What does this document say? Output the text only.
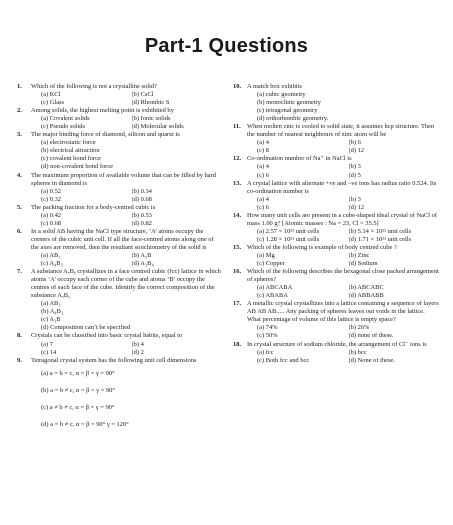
Part-1 Questions
1. Which of the following is not a crystalline solid?
(a) KCl	(b) CsCl
(c) Glass	(d) Rhombic S
2. Among solids, the highest melting point is exhibited by
(a) Covalent solids	(b) Ionic solids
(c) Pseudo solids	(d) Molecular solids
3. The major binding force of diamond, silicon and quartz is
(a) electrostatic force
(b) electrical attraction
(c) covalent bond force
(d) non-covalent bond force
4. The maximum proportion of available volume that can be filled by hard spheres in diamond is
(a) 0.52	(b) 0.34
(c) 0.32	(d) 0.68
5. The packing fraction for a body-centred cubic is
(a) 0.42	(b) 0.53
(c) 0.68	(d) 0.82
6. In a solid AB having the NaCl type structure, ‘A’ atoms occupy the corners of the cubic unit cell. If all the face-centred atoms along one of the axes are removed, then the resultant stoichiometry of the solid is
(a) AB₂	(b) A₂B
(c) A₄B₃	(d) A₃B₄
7. A substance AₓBᵧ crystallizes in a face centred cubic (fcc) lattice in which atoms ‘A’ occupy each corner of the cube and atoms ‘B’ occupy the centres of each face of the cube. Identify the correct composition of the substance AₓBᵧ
(a) AB₃
(b) A₄B₃
(c) A₃B
(d) Composition can’t be specified
8. Crystals can be classified into basic crystal habits, equal to
(a) 7	(b) 4
(c) 14	(d) 2
9. Tetragonal crystal system has the following unit cell dimensions
(a) a = b = c, α = β = γ = 90°
(b) a = b ≠ c, α = β = γ = 90°
(c) a ≠ b ≠ c, α = β = γ = 90°
(d) a = b ≠ c, α = β = 90° γ = 120°
10. A match box exhibits
(a) cubic geometry
(b) monoclinic geometry
(c) tetragonal geometry
(d) orthorhombic geometry.
11. When molten zinc is cooled to solid state, it assumes hcp structure. Then the number of nearest neighbours of zinc atom will be
(a) 4	(b) 6
(c) 8	(d) 12
12. Co-ordination number of Na⁺ in NaCl is
(a) 4	(b) 3
(c) 6	(d) 5
13. A crystal lattice with alternate +ve and –ve ions has radius ratio 0.524. Its co-ordination number is
(a) 4	(b) 3
(c) 6	(d) 12
14. How many unit cells are present in a cube-shaped ideal crystal of NaCl of mass 1.00 g? [Atomic masses : Na = 23, Cl = 35.5]
(a) 2.57 × 10²¹ unit cells	(b) 5.14 × 10²¹ unit cells
(c) 1.28 × 10²¹ unit cells	(d) 1.71 × 10²¹ unit cells
15. Which of the following is example of body centred cube ?
(a) Mg	(b) Zinc
(c) Copper	(d) Sodium
16. Which of the following describes the hexagonal close packed arrangement of spheres?
(a) ABCABA	(b) ABCABC
(c) ABABA	(d) ABBABB
17. A metallic crystal crystallizes into a lattice containing a sequence of layers AB AB AB..... Any packing of spheres leaves out voids in the lattice. What percentage of volume of this lattice is empty space?
(a) 74%	(b) 26%
(c) 50%	(d) none of these.
18. In crystal structure of sodium chloride, the arrangement of Cl⁻ ions is
(a) fcc	(b) bcc
(c) Both fcc and bcc	(d) None of these.
